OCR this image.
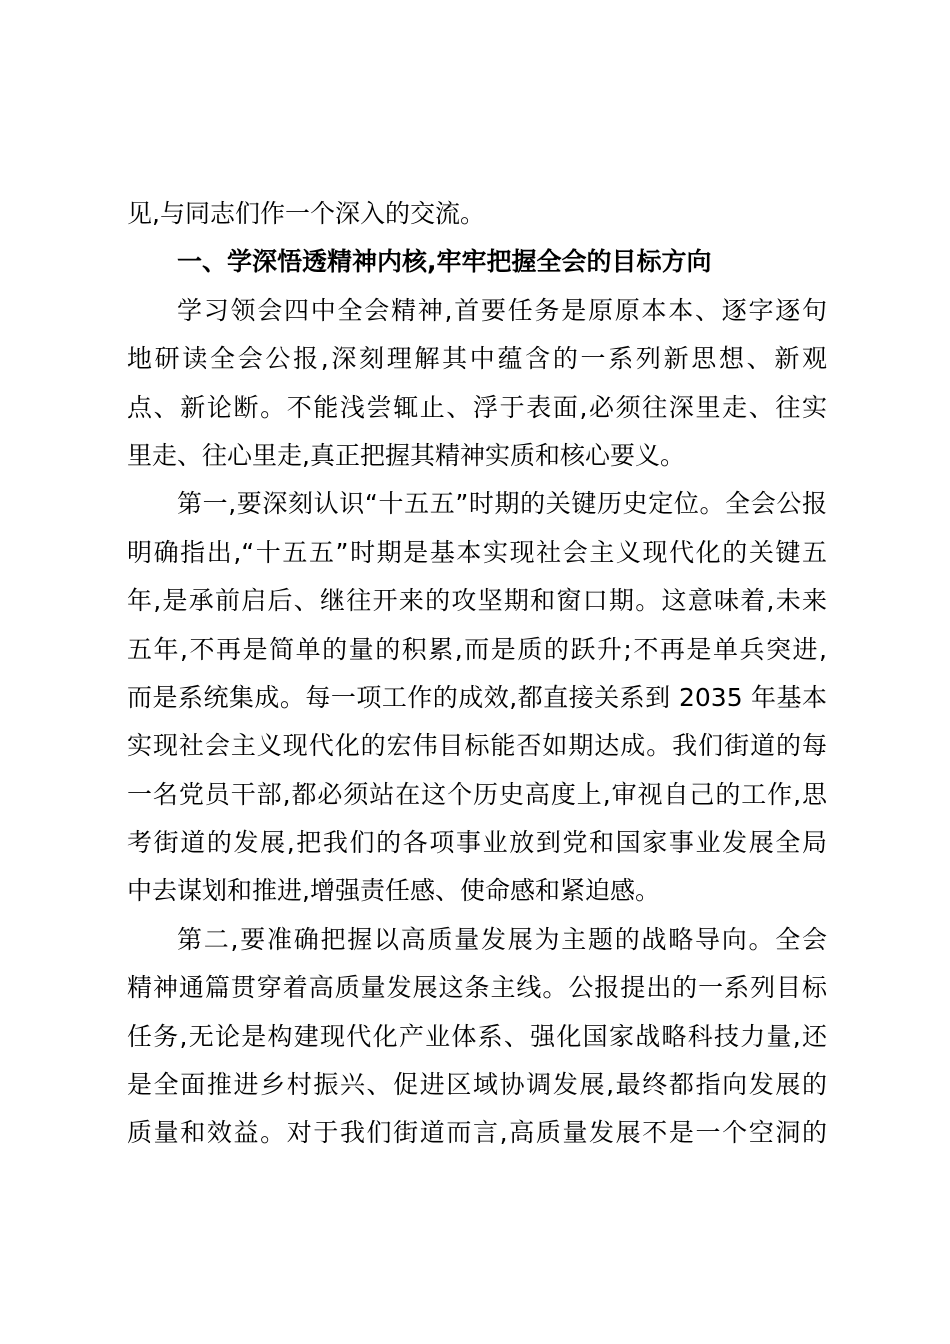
见,与同志们作一个深入的交流。
一、学深悟透精神内核,牢牢把握全会的目标方向
学习领会四中全会精神,首要任务是原原本本、逐字逐句
地研读全会公报,深刻理解其中蕴含的一系列新思想、新观
点、新论断。不能浅尝辄止、浮于表面,必须往深里走、往实
里走、往心里走,真正把握其精神实质和核心要义。
第一,要深刻认识“十五五”时期的关键历史定位。全会公报
明确指出,“十五五”时期是基本实现社会主义现代化的关键五
年,是承前启后、继往开来的攻坚期和窗口期。这意味着,未来
五年,不再是简单的量的积累,而是质的跃升;不再是单兵突进,
而是系统集成。每一项工作的成效,都直接关系到 2035 年基本
实现社会主义现代化的宏伟目标能否如期达成。我们街道的每
一名党员干部,都必须站在这个历史高度上,审视自己的工作,思
考街道的发展,把我们的各项事业放到党和国家事业发展全局
中去谋划和推进,增强责任感、使命感和紧迫感。
第二,要准确把握以高质量发展为主题的战略导向。全会
精神通篇贯穿着高质量发展这条主线。公报提出的一系列目标
任务,无论是构建现代化产业体系、强化国家战略科技力量,还
是全面推进乡村振兴、促进区域协调发展,最终都指向发展的
质量和效益。对于我们街道而言,高质量发展不是一个空洞的
